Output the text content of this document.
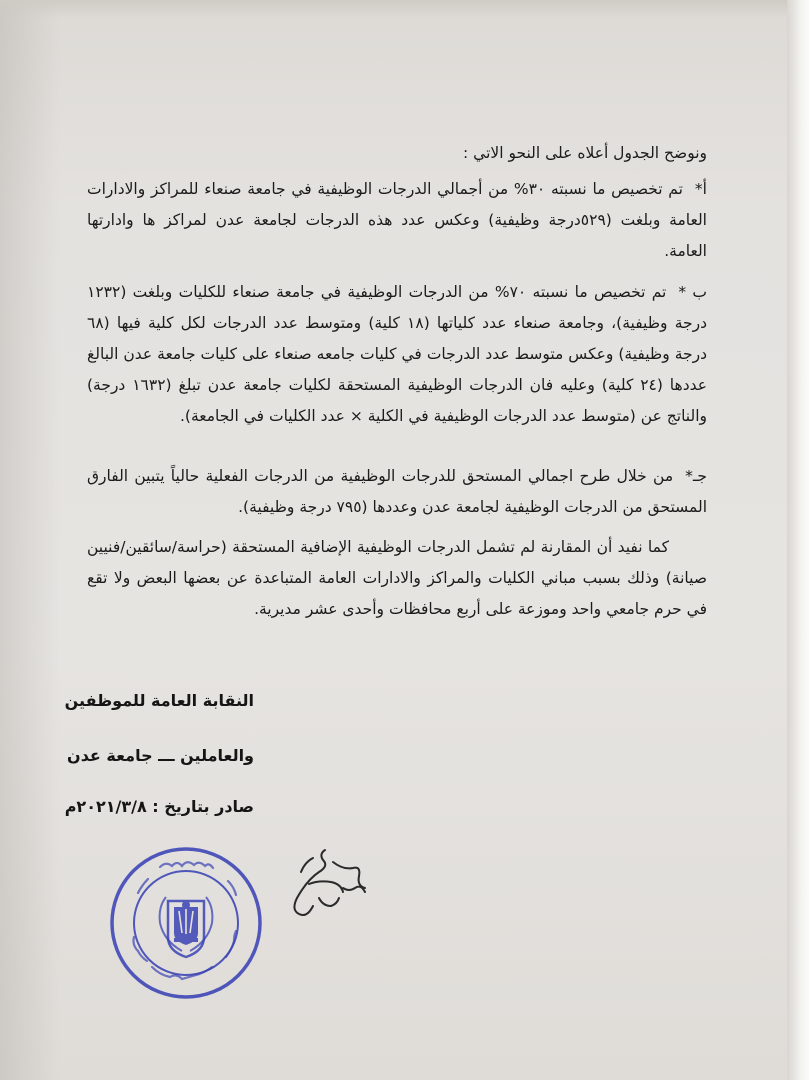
ونوضح الجدول أعلاه على النحو الاتي :
أ*تم تخصيص ما نسبته ٣٠% من أجمالي الدرجات الوظيفية في جامعة صنعاء للمراكز والادارات العامة وبلغت (٥٢٩درجة وظيفية) وعكس عدد هذه الدرجات لجامعة عدن لمراكز ها وادارتها العامة.
ب *تم تخصيص ما نسبته ٧٠% من الدرجات الوظيفية في جامعة صنعاء للكليات وبلغت (١٢٣٢ درجة وظيفية)، وجامعة صنعاء عدد كلياتها (١٨ كلية) ومتوسط عدد الدرجات لكل كلية فيها (٦٨ درجة وظيفية) وعكس متوسط عدد الدرجات في كليات جامعه صنعاء على كليات جامعة عدن البالغ عددها (٢٤ كلية) وعليه فان الدرجات الوظيفية المستحقة لكليات جامعة عدن تبلغ (١٦٣٢ درجة) والناتج عن (متوسط عدد الدرجات الوظيفية في الكلية × عدد الكليات في الجامعة).
جـ*من خلال طرح اجمالي المستحق للدرجات الوظيفية من الدرجات الفعلية حالياً يتبين الفارق المستحق من الدرجات الوظيفية لجامعة عدن وعددها (٧٩٥ درجة وظيفية).
كما نفيد أن المقارنة لم تشمل الدرجات الوظيفية الإضافية المستحقة (حراسة/سائقين/فنيين صيانة) وذلك بسبب مباني الكليات والمراكز والادارات العامة المتباعدة عن بعضها البعض ولا تقع في حرم جامعي واحد وموزعة على أربع محافظات وأحدى عشر مديرية.
النقابة العامة للموظفين
والعاملين ـــ جامعة عدن
صادر بتاريخ : ٢٠٢١/٣/٨م
